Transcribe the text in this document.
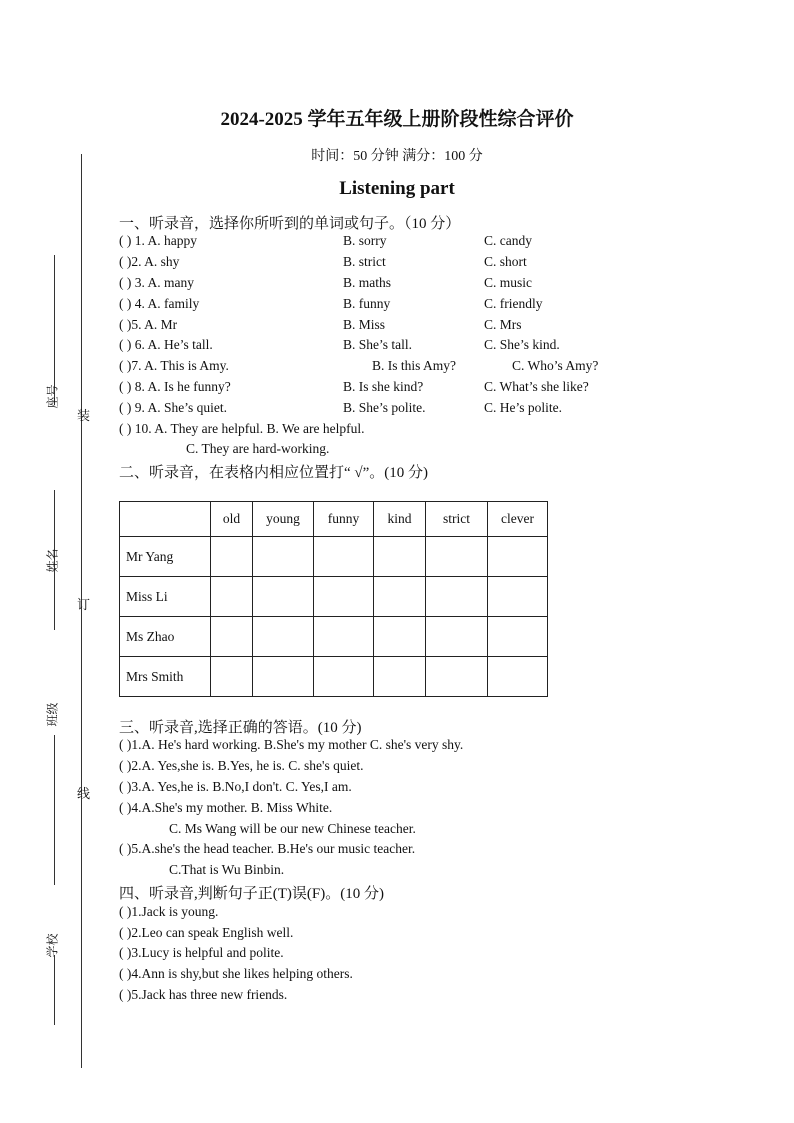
2024-2025 学年五年级上册阶段性综合评价
时间：50 分钟 满分：100 分
Listening part
座号
姓名
班级
学校
装
订
线
一、听录音，选择你所听到的单词或句子。（10 分）
( ) 1. A. happy	B. sorry	C. candy
( )2. A. shy	B. strict	C. short
( ) 3. A. many	B. maths	C. music
( ) 4. A. family	B. funny	C. friendly
( )5. A. Mr	B. Miss	C. Mrs
( ) 6. A. He’s tall.	B. She’s tall.	C. She’s kind.
( )7. A. This is Amy.	B. Is this Amy?	C. Who’s Amy?
( ) 8. A. Is he funny?	B. Is she kind?	C. What’s she like?
( ) 9. A. She’s quiet.	B. She’s polite.	C. He’s polite.
( ) 10. A. They are helpful. B. We are helpful.
C. They are hard-working.
二、听录音，在表格内相应位置打“ √”。(10 分)
	old	young	funny	kind	strict	clever
Mr Yang						
Miss Li						
Ms Zhao						
Mrs Smith						
三、听录音,选择正确的答语。(10 分)
( )1.A. He's hard working. B.She's my mother C. she's very shy.
( )2.A. Yes,she is. B.Yes, he is. C. she's quiet.
( )3.A. Yes,he is. B.No,I don't. C. Yes,I am.
( )4.A.She's my mother. B. Miss White.
C. Ms Wang will be our new Chinese teacher.
( )5.A.she's the head teacher. B.He's our music teacher.
C.That is Wu Binbin.
四、听录音,判断句子正(T)误(F)。(10 分)
( )1.Jack is young.
( )2.Leo can speak English well.
( )3.Lucy is helpful and polite.
( )4.Ann is shy,but she likes helping others.
( )5.Jack has three new friends.
